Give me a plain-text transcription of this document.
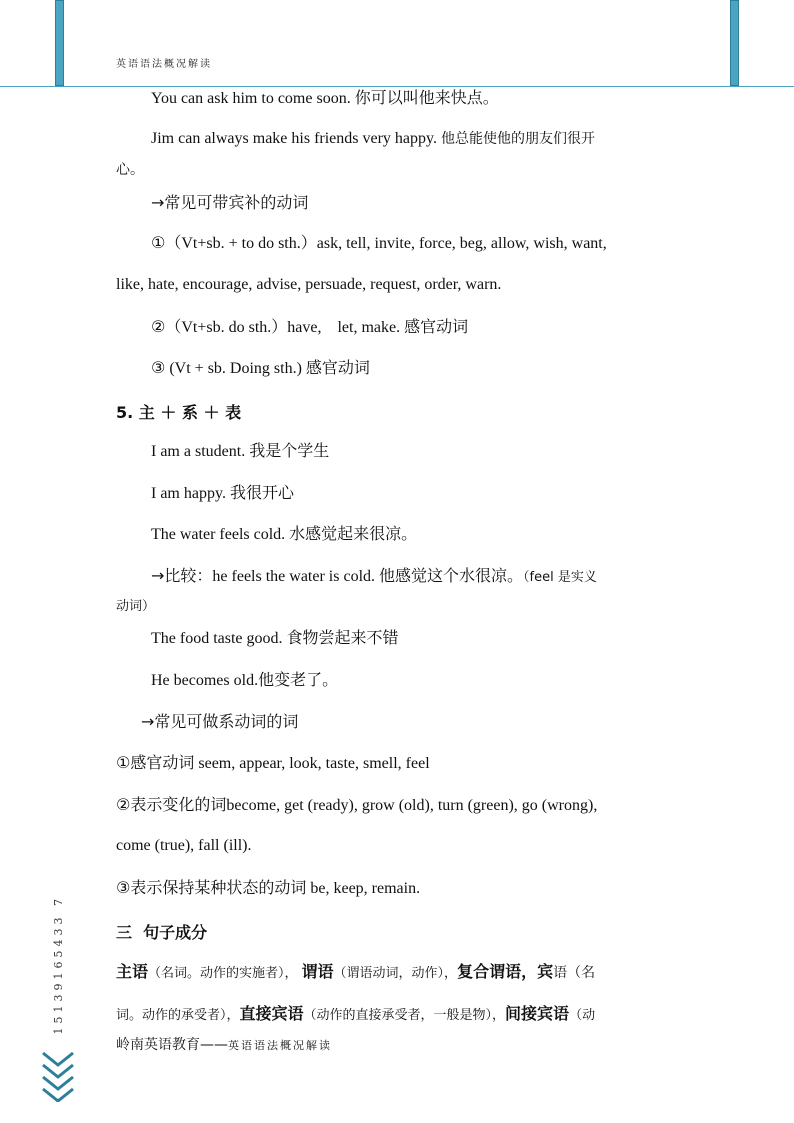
英语语法概况解读
You can ask him to come soon. 你可以叫他来快点。
Jim can always make his friends very happy. 他总能使他的朋友们很开
心。
→常见可带宾补的动词
①（Vt+sb. + to do sth.）ask, tell, invite, force, beg, allow, wish, want,
like, hate, encourage, advise, persuade, request, order, warn.
②（Vt+sb. do sth.）have,    let, make. 感官动词
③ (Vt + sb. Doing sth.) 感官动词
5. 主 ＋ 系 ＋ 表
I am a student. 我是个学生
I am happy. 我很开心
The water feels cold. 水感觉起来很凉。
→比较：he feels the water is cold. 他感觉这个水很凉。（feel 是实义
动词）
The food taste good. 食物尝起来不错
He becomes old.他变老了。
→常见可做系动词的词
①感官动词 seem, appear, look, taste, smell, feel
②表示变化的词become, get (ready), grow (old), turn (green), go (wrong),
come (true), fall (ill).
③表示保持某种状态的动词 be, keep, remain.
三  句子成分
主语（名词。动作的实施者）， 谓语（谓语动词，动作），复合谓语，宾语（名
词。动作的承受者），直接宾语（动作的直接承受者，一般是物），间接宾语（动
岭南英语教育——英语语法概况解读
15139165433 7
